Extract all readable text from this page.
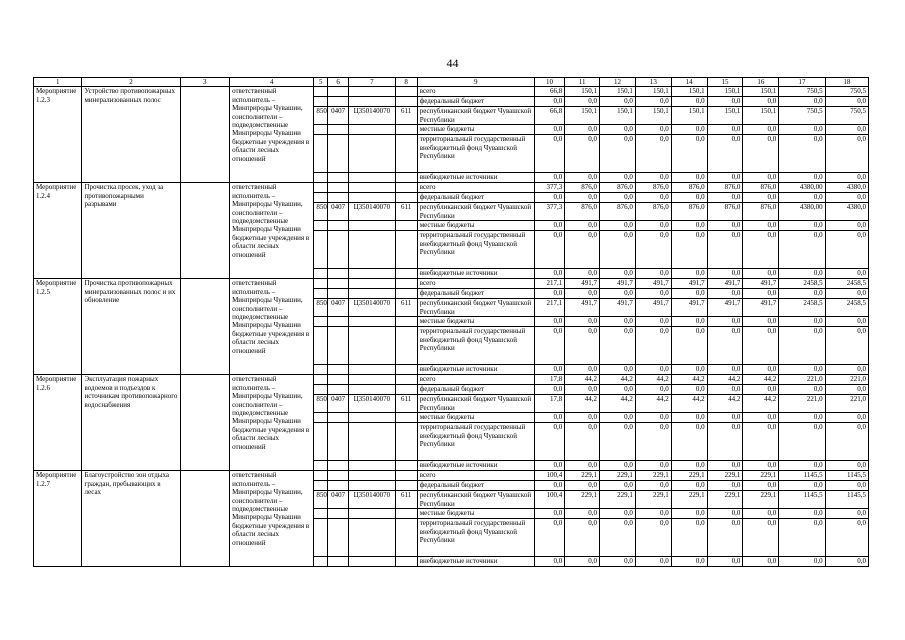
44
1	2	3	4	5	6	7	8	9	10	11	12	13	14	15	16	17	18
Мероприятие 1.2.3	Устройство противопожарных минерализованных полос		ответственный исполнитель – Минприроды Чувашии, соисполнители – подведомственные Минприроды Чувашии бюджетные учреждения в области лесных отношений					всего	66,8	150,1	150,1	150,1	150,1	150,1	150,1	750,5	750,5
								федеральный бюджет	0,0	0,0	0,0	0,0	0,0	0,0	0,0	0,0	0,0
				850	0407	Ц350140070	611	республиканский бюджет Чувашской Республики	66,8	150,1	150,1	150,1	150,1	150,1	150,1	750,5	750,5
								местные бюджеты	0,0	0,0	0,0	0,0	0,0	0,0	0,0	0,0	0,0
								территориальный государственный внебюджетный фонд Чувашской Республики	0,0	0,0	0,0	0,0	0,0	0,0	0,0	0,0	0,0
								внебюджетные источники	0,0	0,0	0,0	0,0	0,0	0,0	0,0	0,0	0,0
Мероприятие 1.2.4	Прочистка просек, уход за противопожарными разрывами		ответственный исполнитель – Минприроды Чувашии, соисполнители – подведомственные Минприроды Чувашии бюджетные учреждения в области лесных отношений					всего	377,3	876,0	876,0	876,0	876,0	876,0	876,0	4380,00	4380,0
								федеральный бюджет	0,0	0,0	0,0	0,0	0,0	0,0	0,0	0,0	0,0
				850	0407	Ц350140070	611	республиканский бюджет Чувашской Республики	377,3	876,0	876,0	876,0	876,0	876,0	876,0	4380,00	4380,0
								местные бюджеты	0,0	0,0	0,0	0,0	0,0	0,0	0,0	0,0	0,0
								территориальный государственный внебюджетный фонд Чувашской Республики	0,0	0,0	0,0	0,0	0,0	0,0	0,0	0,0	0,0
								внебюджетные источники	0,0	0,0	0,0	0,0	0,0	0,0	0,0	0,0	0,0
Мероприятие 1.2.5	Прочистка противопожарных минерализованных полос и их обновление		ответственный исполнитель – Минприроды Чувашии, соисполнители – подведомственные Минприроды Чувашии бюджетные учреждения в области лесных отношений					всего	217,1	491,7	491,7	491,7	491,7	491,7	491,7	2458,5	2458,5
								федеральный бюджет	0,0	0,0	0,0	0,0	0,0	0,0	0,0	0,0	0,0
				850	0407	Ц350140070	611	республиканский бюджет Чувашской Республики	217,1	491,7	491,7	491,7	491,7	491,7	491,7	2458,5	2458,5
								местные бюджеты	0,0	0,0	0,0	0,0	0,0	0,0	0,0	0,0	0,0
								территориальный государственный внебюджетный фонд Чувашской Республики	0,0	0,0	0,0	0,0	0,0	0,0	0,0	0,0	0,0
								внебюджетные источники	0,0	0,0	0,0	0,0	0,0	0,0	0,0	0,0	0,0
Мероприятие 1.2.6	Эксплуатация пожарных водоемов и подъездов к источникам противопожарного водоснабжения		ответственный исполнитель – Минприроды Чувашии, соисполнители – подведомственные Минприроды Чувашии бюджетные учреждения в области лесных отношений					всего	17,8	44,2	44,2	44,2	44,2	44,2	44,2	221,0	221,0
								федеральный бюджет	0,0	0,0	0,0	0,0	0,0	0,0	0,0	0,0	0,0
				850	0407	Ц350140070	611	республиканский бюджет Чувашской Республики	17,8	44,2	44,2	44,2	44,2	44,2	44,2	221,0	221,0
								местные бюджеты	0,0	0,0	0,0	0,0	0,0	0,0	0,0	0,0	0,0
								территориальный государственный внебюджетный фонд Чувашской Республики	0,0	0,0	0,0	0,0	0,0	0,0	0,0	0,0	0,0
								внебюджетные источники	0,0	0,0	0,0	0,0	0,0	0,0	0,0	0,0	0,0
Мероприятие 1.2.7	Благоустройство зон отдыха граждан, пребывающих в лесах		ответственный исполнитель – Минприроды Чувашии, соисполнители – подведомственные Минприроды Чувашии бюджетные учреждения в области лесных отношений					всего	100,4	229,1	229,1	229,1	229,1	229,1	229,1	1145,5	1145,5
								федеральный бюджет	0,0	0,0	0,0	0,0	0,0	0,0	0,0	0,0	0,0
				850	0407	Ц350140070	611	республиканский бюджет Чувашской Республики	100,4	229,1	229,1	229,1	229,1	229,1	229,1	1145,5	1145,5
								местные бюджеты	0,0	0,0	0,0	0,0	0,0	0,0	0,0	0,0	0,0
								территориальный государственный внебюджетный фонд Чувашской Республики	0,0	0,0	0,0	0,0	0,0	0,0	0,0	0,0	0,0
								внебюджетные источники	0,0	0,0	0,0	0,0	0,0	0,0	0,0	0,0	0,0
